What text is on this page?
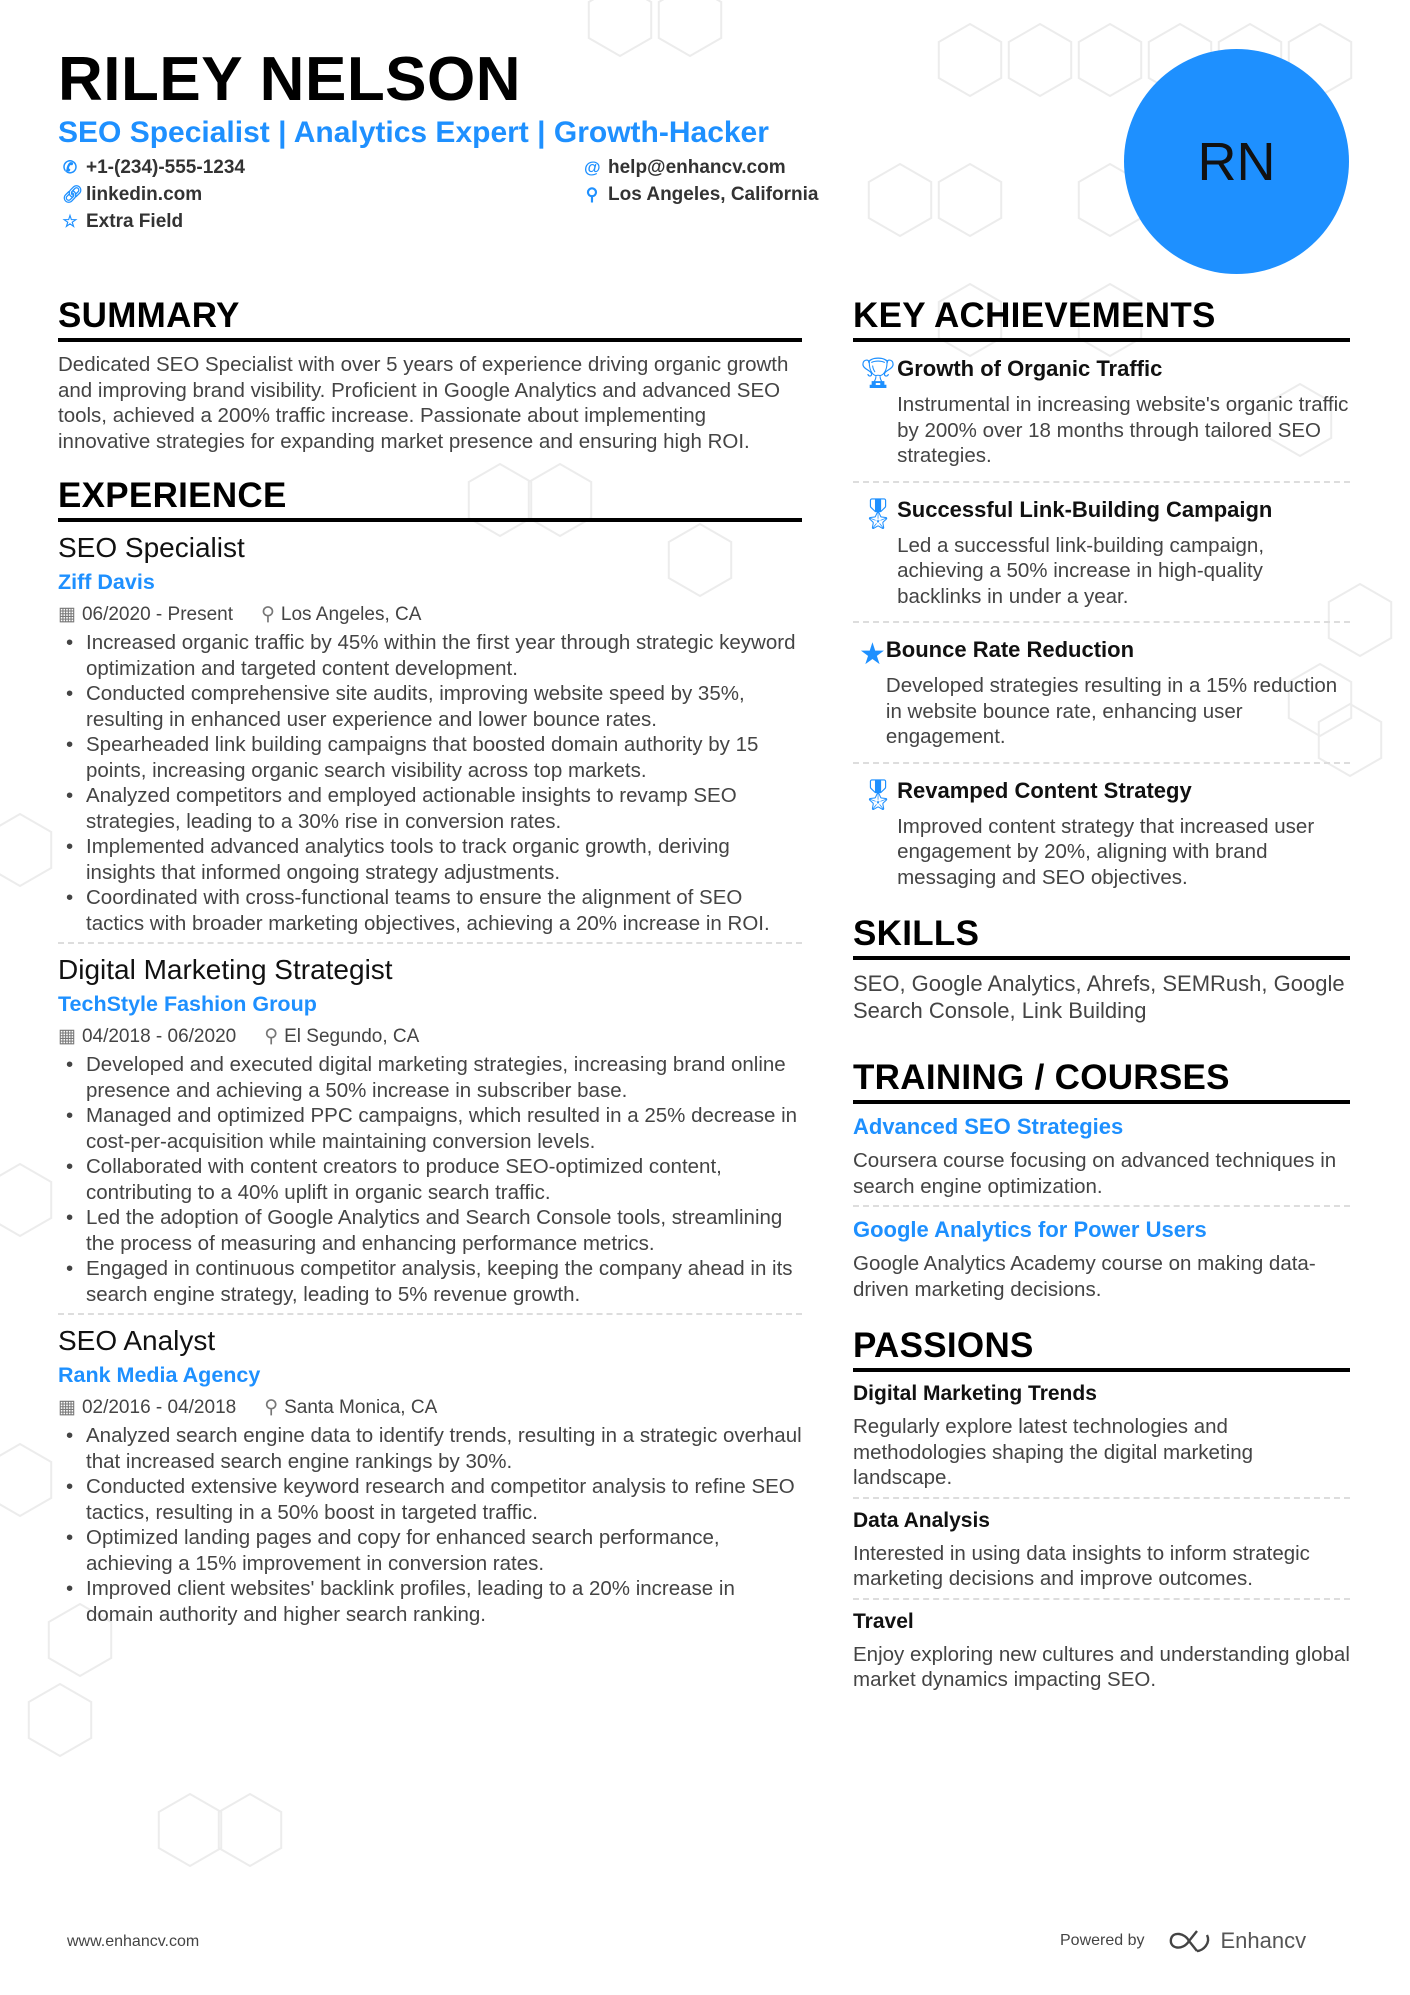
RILEY NELSON
SEO Specialist | Analytics Expert | Growth-Hacker
✆ +1-(234)-555-1234
🔗︎ linkedin.com
☆ Extra Field
@ help@enhancv.com
⚲ Los Angeles, California
RN
SUMMARY

Dedicated SEO Specialist with over 5 years of experience driving organic growth and improving brand visibility. Proficient in Google Analytics and advanced SEO tools, achieved a 200% traffic increase. Passionate about implementing innovative strategies for expanding market presence and ensuring high ROI.

EXPERIENCE
SEO Specialist
Ziff Davis
▦ 06/2020 - Present ⚲ Los Angeles, CA
• Increased organic traffic by 45% within the first year through strategic keyword optimization and targeted content development.
• Conducted comprehensive site audits, improving website speed by 35%, resulting in enhanced user experience and lower bounce rates.
• Spearheaded link building campaigns that boosted domain authority by 15 points, increasing organic search visibility across top markets.
• Analyzed competitors and employed actionable insights to revamp SEO strategies, leading to a 30% rise in conversion rates.
• Implemented advanced analytics tools to track organic growth, deriving insights that informed ongoing strategy adjustments.
• Coordinated with cross-functional teams to ensure the alignment of SEO tactics with broader marketing objectives, achieving a 20% increase in ROI.
Digital Marketing Strategist
TechStyle Fashion Group
▦ 04/2018 - 06/2020 ⚲ El Segundo, CA
• Developed and executed digital marketing strategies, increasing brand online presence and achieving a 50% increase in subscriber base.
• Managed and optimized PPC campaigns, which resulted in a 25% decrease in cost-per-acquisition while maintaining conversion levels.
• Collaborated with content creators to produce SEO-optimized content, contributing to a 40% uplift in organic search traffic.
• Led the adoption of Google Analytics and Search Console tools, streamlining the process of measuring and enhancing performance metrics.
• Engaged in continuous competitor analysis, keeping the company ahead in its search engine strategy, leading to 5% revenue growth.
SEO Analyst
Rank Media Agency
▦ 02/2016 - 04/2018 ⚲ Santa Monica, CA
• Analyzed search engine data to identify trends, resulting in a strategic overhaul that increased search engine rankings by 30%.
• Conducted extensive keyword research and competitor analysis to refine SEO tactics, resulting in a 50% boost in targeted traffic.
• Optimized landing pages and copy for enhanced search performance, achieving a 15% improvement in conversion rates.
• Improved client websites' backlink profiles, leading to a 20% increase in domain authority and higher search ranking.
KEY ACHIEVEMENTS
🏆︎ Growth of Organic Traffic
Instrumental in increasing website's organic traffic by 200% over 18 months through tailored SEO strategies.
🎖︎ Successful Link-Building Campaign
Led a successful link-building campaign, achieving a 50% increase in high-quality backlinks in under a year.
★ Bounce Rate Reduction
Developed strategies resulting in a 15% reduction in website bounce rate, enhancing user engagement.
🎖︎ Revamped Content Strategy
Improved content strategy that increased user engagement by 20%, aligning with brand messaging and SEO objectives.
SKILLS

SEO, Google Analytics, Ahrefs, SEMRush, Google Search Console, Link Building

TRAINING / COURSES
Advanced SEO Strategies

Coursera course focusing on advanced techniques in search engine optimization.

Google Analytics for Power Users

Google Analytics Academy course on making data-driven marketing decisions.

PASSIONS
Digital Marketing Trends

Regularly explore latest technologies and methodologies shaping the digital marketing landscape.

Data Analysis

Interested in using data insights to inform strategic marketing decisions and improve outcomes.

Travel

Enjoy exploring new cultures and understanding global market dynamics impacting SEO.

www.enhancv.com	Powered by	Enhancv
